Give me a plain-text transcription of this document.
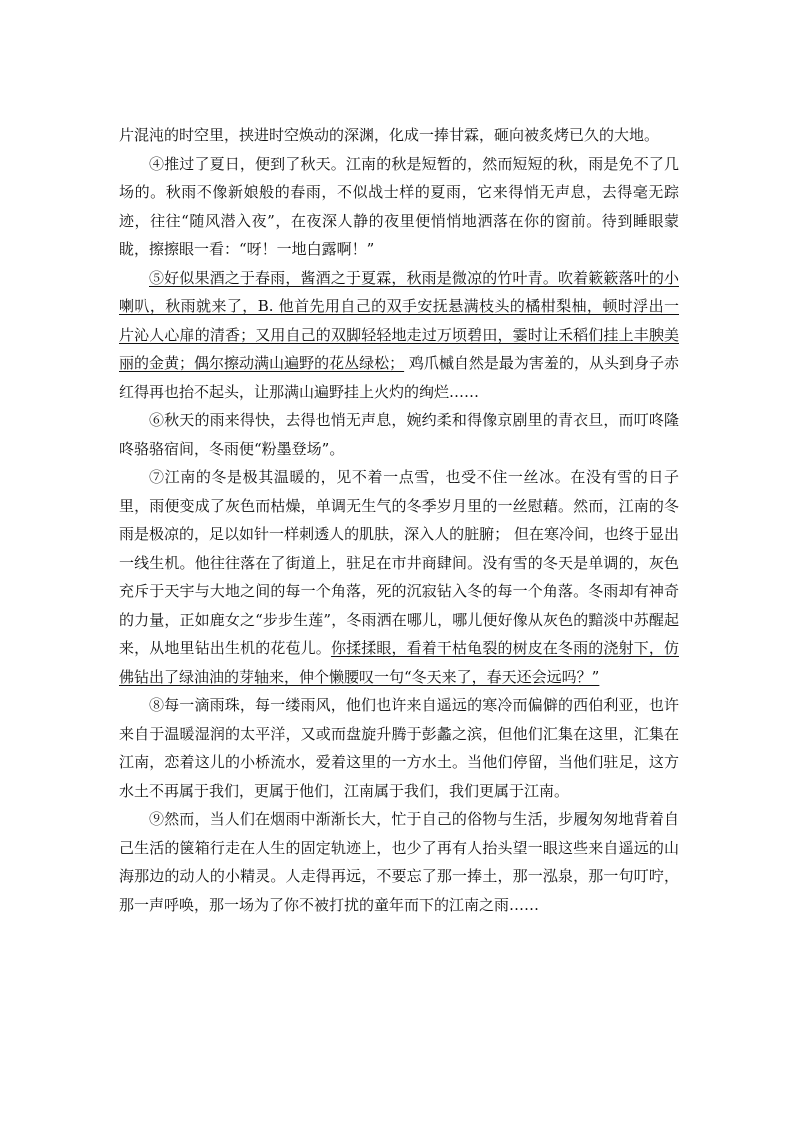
片混沌的时空里，挟进时空焕动的深渊，化成一捧甘霖，砸向被炙烤已久的大地。

④推过了夏日，便到了秋天。江南的秋是短暂的，然而短短的秋，雨是免不了几场的。秋雨不像新娘般的春雨，不似战士样的夏雨，它来得悄无声息，去得毫无踪迹，往往“随风潜入夜”，在夜深人静的夜里便悄悄地洒落在你的窗前。待到睡眼蒙眬，擦擦眼一看：“呀！一地白露啊！”

⑤好似果酒之于春雨，酱酒之于夏霖，秋雨是微凉的竹叶青。吹着簌簌落叶的小喇叭，秋雨就来了，B. 他首先用自己的双手安抚悬满枝头的橘柑梨柚，顿时浮出一片沁人心扉的清香；又用自己的双脚轻轻地走过万顷碧田，霎时让禾稻们挂上丰腴美丽的金黄；偶尔擦动满山遍野的花丛绿松； 鸡爪槭自然是最为害羞的，从头到身子赤红得再也抬不起头，让那满山遍野挂上火灼的绚烂……

⑥秋天的雨来得快，去得也悄无声息，婉约柔和得像京剧里的青衣旦，而叮咚隆咚骆骆宿间，冬雨便“粉墨登场”。

⑦江南的冬是极其温暖的，见不着一点雪，也受不住一丝冰。在没有雪的日子里，雨便变成了灰色而枯燥，单调无生气的冬季岁月里的一丝慰藉。然而，江南的冬雨是极凉的，足以如针一样刺透人的肌肤，深入人的脏腑； 但在寒冷间，也终于显出一线生机。他往往落在了街道上，驻足在市井商肆间。没有雪的冬天是单调的，灰色充斥于天宇与大地之间的每一个角落，死的沉寂钻入冬的每一个角落。冬雨却有神奇的力量，正如鹿女之“步步生莲”，冬雨洒在哪儿，哪儿便好像从灰色的黯淡中苏醒起来，从地里钻出生机的花苞儿。你揉揉眼，看着干枯龟裂的树皮在冬雨的浇射下，仿佛钻出了绿油油的芽轴来，伸个懒腰叹一句“冬天来了，春天还会远吗？”

⑧每一滴雨珠，每一缕雨风，他们也许来自遥远的寒冷而偏僻的西伯利亚，也许来自于温暖湿润的太平洋，又或而盘旋升腾于彭蠡之滨，但他们汇集在这里，汇集在江南，恋着这儿的小桥流水，爱着这里的一方水土。当他们停留，当他们驻足，这方水土不再属于我们，更属于他们，江南属于我们，我们更属于江南。

⑨然而，当人们在烟雨中渐渐长大，忙于自己的俗物与生活，步履匆匆地背着自己生活的箧箱行走在人生的固定轨迹上，也少了再有人抬头望一眼这些来自遥远的山海那边的动人的小精灵。人走得再远，不要忘了那一捧土，那一泓泉，那一句叮咛，那一声呼唤，那一场为了你不被打扰的童年而下的江南之雨……
